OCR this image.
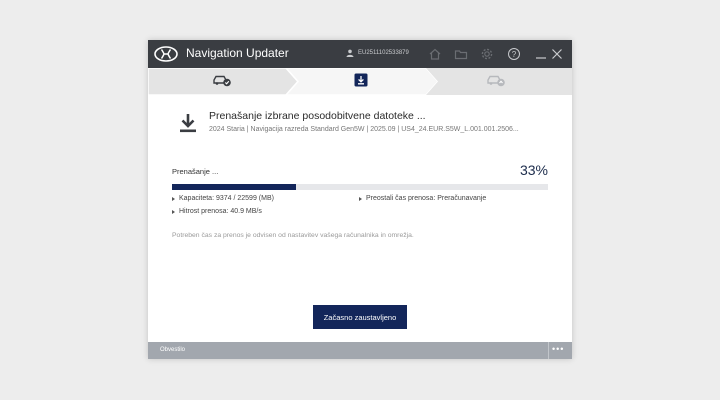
Navigation Updater	EU251110253387​9	?
Prenašanje izbrane posodobitvene datoteke ...
2024 Staria | Navigacija razreda Standard Gen5W | 2025.09 | US4_24.EUR.S5W_L.001.001.2506...
Prenašanje ...	33%
Kapaciteta: 9374 / 22599 (MB)	Preostali čas prenosa: Preračunavanje
Hitrost prenosa: 40.9 MB/s
Potreben čas za prenos je odvisen od nastavitev vašega računalnika in omrežja.
Začasno zaustavljeno
Obvestilo	•••
